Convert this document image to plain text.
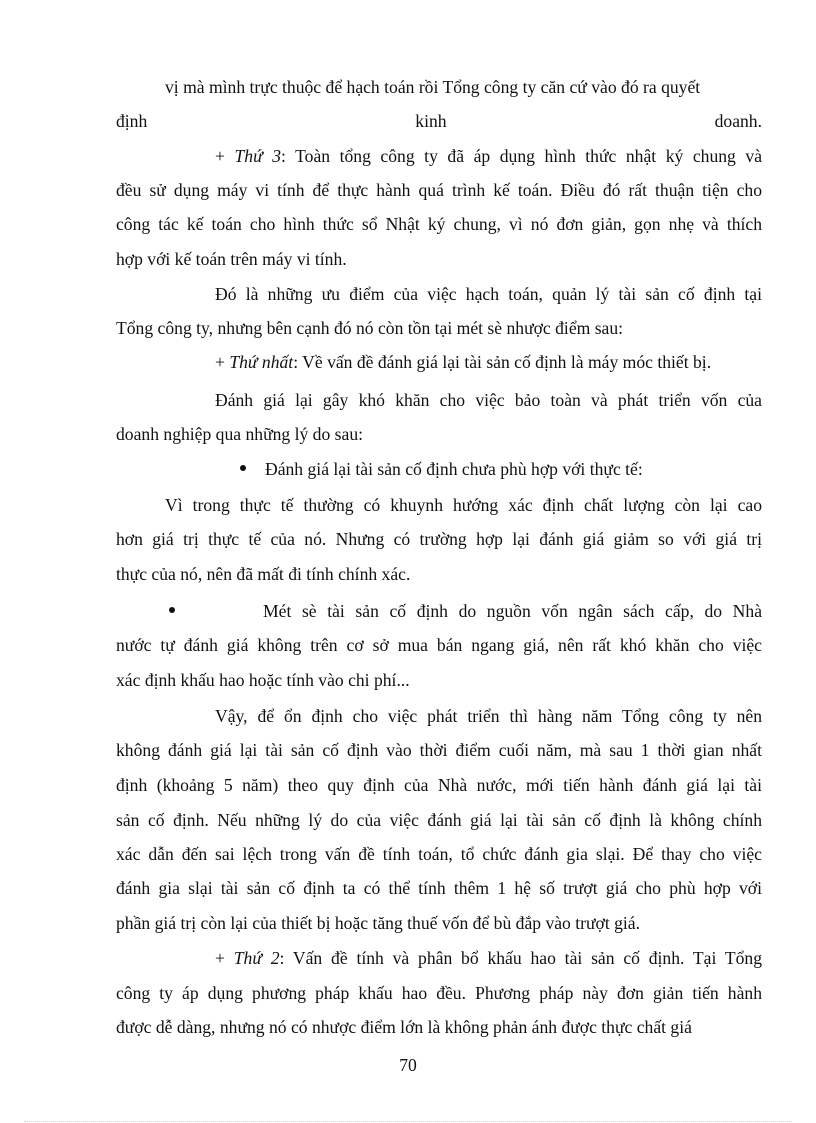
vị mà mình trực thuộc để hạch toán rồi Tổng công ty căn cứ vào đó ra quyết
định	kinh	doanh.
+ Thứ 3: Toàn tổng công ty đã áp dụng hình thức nhật ký chung và
đều sử dụng máy vi tính để thực hành quá trình kế toán. Điều đó rất thuận tiện cho
công tác kế toán cho hình thức sổ Nhật ký chung, vì nó đơn giản, gọn nhẹ và thích
hợp với kế toán trên máy vi tính.
Đó là những ưu điểm của việc hạch toán, quản lý tài sản cố định tại
Tổng công ty, nhưng bên cạnh đó nó còn tồn tại mét sè nhược điểm sau:
+ Thứ nhất: Về vấn đề đánh giá lại tài sản cố định là máy móc thiết bị.
Đánh giá lại gây khó khăn cho việc bảo toàn và phát triển vốn của
doanh nghiệp qua những lý do sau:
Đánh giá lại tài sản cố định chưa phù hợp với thực tế:
Vì trong thực tế thường có khuynh hướng xác định chất lượng còn lại cao
hơn giá trị thực tế của nó. Nhưng có trường hợp lại đánh giá giảm so với giá trị
thực của nó, nên đã mất đi tính chính xác.
Mét sè tài sản cố định do nguồn vốn ngân sách cấp, do Nhà
nước tự đánh giá không trên cơ sở mua bán ngang giá, nên rất khó khăn cho việc
xác định khấu hao hoặc tính vào chi phí...
Vậy, để ổn định cho việc phát triển thì hàng năm Tổng công ty nên
không đánh giá lại tài sản cố định vào thời điểm cuối năm, mà sau 1 thời gian nhất
định (khoảng 5 năm) theo quy định của Nhà nước, mới tiến hành đánh giá lại tài
sản cố định. Nếu những lý do của việc đánh giá lại tài sản cố định là không chính
xác dẫn đến sai lệch trong vấn đề tính toán, tổ chức đánh gia slại. Để thay cho việc
đánh gia slại tài sản cố định ta có thể tính thêm 1 hệ số trượt giá cho phù hợp với
phần giá trị còn lại của thiết bị hoặc tăng thuế vốn để bù đắp vào trượt giá.
+ Thứ 2: Vấn đề tính và phân bổ khấu hao tài sản cố định. Tại Tổng
công ty áp dụng phương pháp khấu hao đều. Phương pháp này đơn giản tiến hành
được dễ dàng, nhưng nó có nhược điểm lớn là không phản ánh được thực chất giá
70
